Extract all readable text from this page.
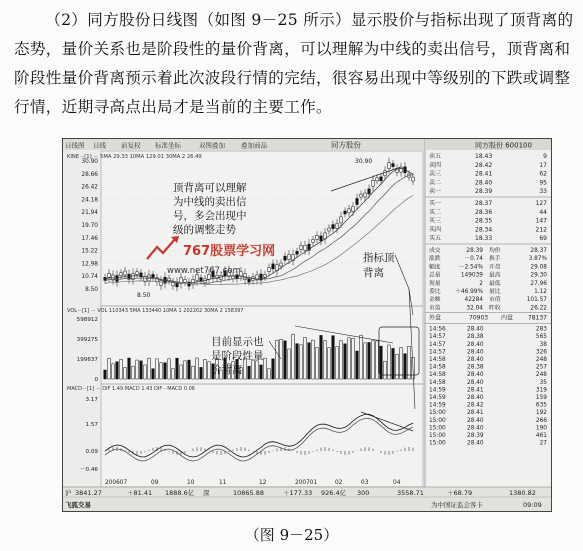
（2）同方股份日线图（如图 9－25 所示）显示股价与指标出现了顶背离的态势，量价关系也是阶段性的量价背离，可以理解为中线的卖出信号，顶背离和阶段性量价背离预示着此次波段行情的完结，很容易出现中等级别的下跌或调整行情，近期寻高点出局才是当前的主要工作。

日线图 日线 前复权 标准坐标	双图叠加 叠加商品	同方股份
KINE－[1] － 5MA 29.33 10MA 129.01 30MA 2 26.49
VOL－[1] － VOL 110343 5MA 133440 10MA 1 202202 30MA 2 158397
MACD－[1] － DIF 1.49 MACD 1.43 DIF－MACD 0.06
30.90
28.66
26.42
24.18
21.94
19.70
17.46
15.22
12.98
10.74
8.50
598912
399275
199637
0
3.17
1.57
0.09
－0.46
200607	09	10	11	12	200701	02	03	04
30.90
8.50
顶背离可以理解
为中线的卖出信
号，多会出现中
级的调整走势
指标顶
背离
目前显示也
是阶段性量
价背离
767股票学习网
www.net767.com
同方股份 600100
卖五	18.43	9
卖四	28.42	17
卖三	28.41	62
卖二	28.40	95
卖一	28.39	33
买一	28.37	127
买二	28.36	44
买三	28.35	147
买四	28.34	212
买五	18.33	69
成交	28.39 均价	28.37
涨跌	－0.74 换手	3.87%
幅度	－2.54% 开盘	29.08
总量	149039 最高	29.30
现量	2 最低	27.96
委比 ＋46.99% 量比	1.12
金额	42284 市值	101.57
市盈	32.04 昨收	26.22
外盘	70903 内盘 78137
14:56	28.40	283
14:57	28.38	565
14:57	28.40	38
14:57	28.40	326
14:58	28.40	248
14:58	28.38	257
14:58	28.40	248
14:58	28.40	35
14:59	28.41	319
14:59	28.40	159
14:59	28.42	635
15:00	28.41	192
15:00	28.40	266
15:00	28.40	190
15:00	28.39	461
15:00	28.40	27
沪 3841.27	＋81.41 1888.6亿 深	10865.88	＋177.33 926.4亿 300	3558.71	＋68.79	1380.82
飞狐交易	为中国证监会客卡	09:09
（图 9－25）
